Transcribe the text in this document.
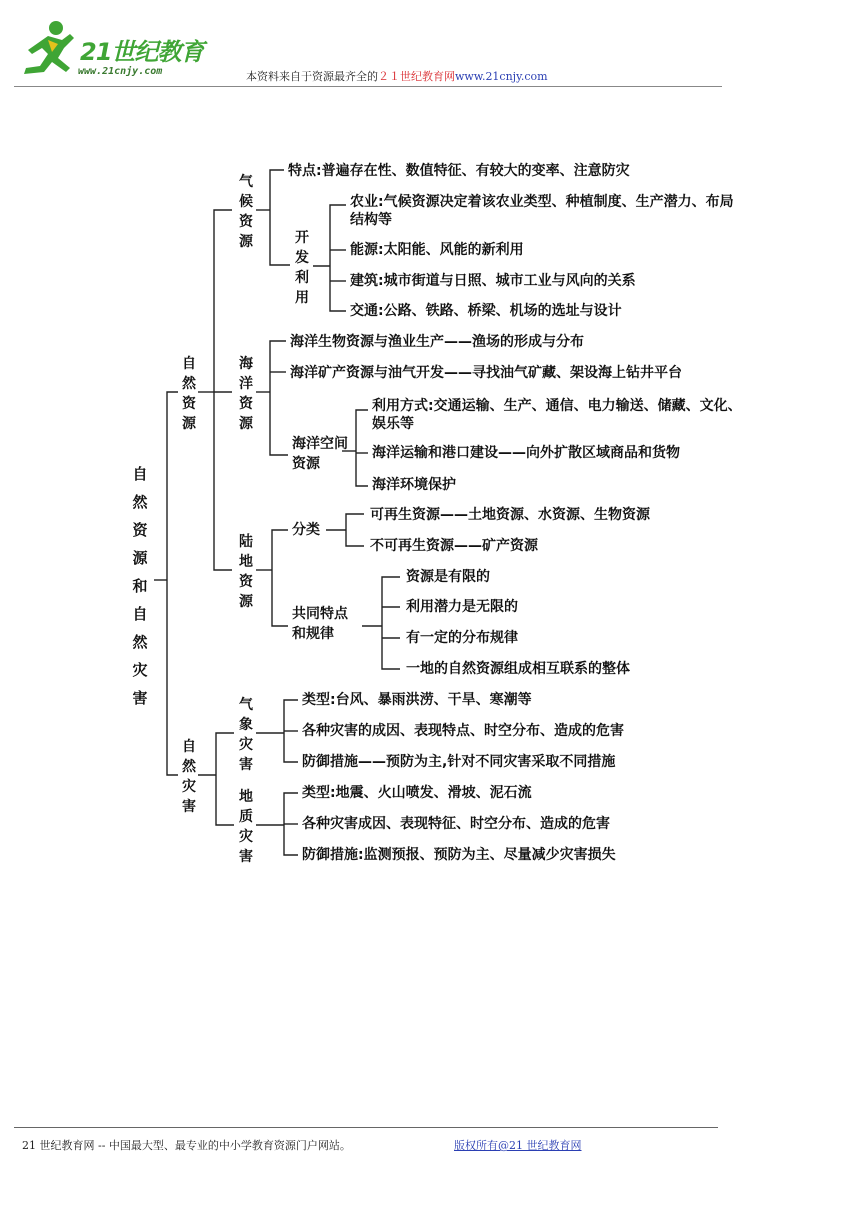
21世纪教育
www.21cnjy.com	本资料来自于资源最齐全的２１世纪教育网www.21cnjy.com
自然资源和自然灾害
自然资源
自然灾害
气候资源
海洋资源
陆地资源
气象灾害
地质灾害
特点:普遍存在性、数值特征、有较大的变率、注意防灾
开发利用
农业:气候资源决定着该农业类型、种植制度、生产潜力、布局结构等
能源:太阳能、风能的新利用
建筑:城市街道与日照、城市工业与风向的关系
交通:公路、铁路、桥梁、机场的选址与设计
海洋生物资源与渔业生产——渔场的形成与分布
海洋矿产资源与油气开发——寻找油气矿藏、架设海上钻井平台
海洋空间资源
利用方式:交通运输、生产、通信、电力输送、储藏、文化、娱乐等
海洋运输和港口建设——向外扩散区域商品和货物
海洋环境保护
分类
可再生资源——土地资源、水资源、生物资源
不可再生资源——矿产资源
共同特点和规律
资源是有限的
利用潜力是无限的
有一定的分布规律
一地的自然资源组成相互联系的整体
类型:台风、暴雨洪涝、干旱、寒潮等
各种灾害的成因、表现特点、时空分布、造成的危害
防御措施——预防为主,针对不同灾害采取不同措施
类型:地震、火山喷发、滑坡、泥石流
各种灾害成因、表现特征、时空分布、造成的危害
防御措施:监测预报、预防为主、尽量减少灾害损失
21 世纪教育网 -- 中国最大型、最专业的中小学教育资源门户网站。	版权所有@21 世纪教育网
